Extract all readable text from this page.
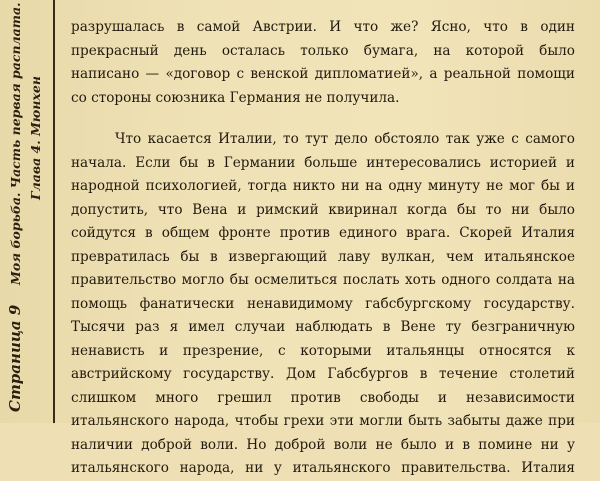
Страница 9
Моя борьба. Часть первая расплата. Глава 4. Мюнхен
разрушалась в самой Австрии. И что же? Ясно, что в один
прекрасный день осталась только бумага, на которой было
написано — «договор с венской дипломатией», а реальной помощи
со стороны союзника Германия не получила.
Что касается Италии, то тут дело обстояло так уже с самого
начала. Если бы в Германии больше интересовались историей и
народной психологией, тогда никто ни на одну минуту не мог бы и
допустить, что Вена и римский квиринал когда бы то ни было
сойдутся в общем фронте против единого врага. Скорей Италия
превратилась бы в извергающий лаву вулкан, чем итальянское
правительство могло бы осмелиться послать хоть одного солдата на
помощь фанатически ненавидимому габсбургскому государству.
Тысячи раз я имел случаи наблюдать в Вене ту безграничную
ненависть и презрение, с которыми итальянцы относятся к
австрийскому государству. Дом Габсбургов в течение столетий
слишком много грешил против свободы и независимости
итальянского народа, чтобы грехи эти могли быть забыты даже при
наличии доброй воли. Но доброй воли не было и в помине ни у
итальянского народа, ни у итальянского правительства. Италия
